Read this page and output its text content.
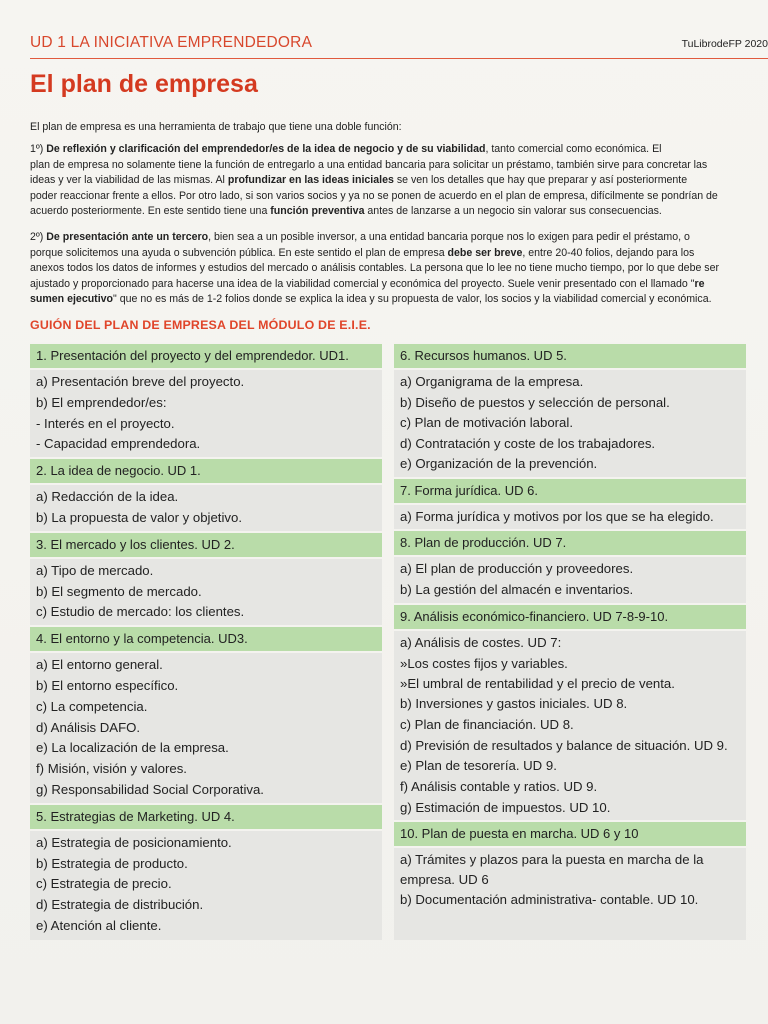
UD 1 LA INICIATIVA EMPRENDEDORA	TuLibrodeFP 2020
El plan de empresa
El plan de empresa es una herramienta de trabajo que tiene una doble función:
1º) De reflexión y clarificación del emprendedor/es de la idea de negocio y de su viabilidad, tanto comercial como económica. El
plan de empresa no solamente tiene la función de entregarlo a una entidad bancaria para solicitar un préstamo, también sirve para concretar las
ideas y ver la viabilidad de las mismas. Al profundizar en las ideas iniciales se ven los detalles que hay que preparar y así posteriormente
poder reaccionar frente a ellos. Por otro lado, si son varios socios y ya no se ponen de acuerdo en el plan de empresa, difícilmente se pondrían de
acuerdo posteriormente. En este sentido tiene una función preventiva antes de lanzarse a un negocio sin valorar sus consecuencias.
2º) De presentación ante un tercero, bien sea a un posible inversor, a una entidad bancaria porque nos lo exigen para pedir el préstamo, o
porque solicitemos una ayuda o subvención pública. En este sentido el plan de empresa debe ser breve, entre 20-40 folios, dejando para los
anexos todos los datos de informes y estudios del mercado o análisis contables. La persona que lo lee no tiene mucho tiempo, por lo que debe ser
ajustado y proporcionado para hacerse una idea de la viabilidad comercial y económica del proyecto. Suele venir presentado con el llamado "re
sumen ejecutivo" que no es más de 1-2 folios donde se explica la idea y su propuesta de valor, los socios y la viabilidad comercial y económica.
GUIÓN DEL PLAN DE EMPRESA DEL MÓDULO DE E.I.E.
1. Presentación del proyecto y del emprendedor. UD1.
a) Presentación breve del proyecto.
b) El emprendedor/es:
- Interés en el proyecto.
- Capacidad emprendedora.
2. La idea de negocio. UD 1.
a) Redacción de la idea.
b) La propuesta de valor y objetivo.
3. El mercado y los clientes. UD 2.
a) Tipo de mercado.
b) El segmento de mercado.
c) Estudio de mercado: los clientes.
4. El entorno y la competencia. UD3.
a) El entorno general.
b) El entorno específico.
c) La competencia.
d) Análisis DAFO.
e) La localización de la empresa.
f) Misión, visión y valores.
g) Responsabilidad Social Corporativa.
5. Estrategias de Marketing. UD 4.
a) Estrategia de posicionamiento.
b) Estrategia de producto.
c) Estrategia de precio.
d) Estrategia de distribución.
e) Atención al cliente.
6. Recursos humanos. UD 5.
a) Organigrama de la empresa.
b) Diseño de puestos y selección de personal.
c) Plan de motivación laboral.
d) Contratación y coste de los trabajadores.
e) Organización de la prevención.
7. Forma jurídica. UD 6.
a) Forma jurídica y motivos por los que se ha elegido.
8. Plan de producción. UD 7.
a) El plan de producción y proveedores.
b) La gestión del almacén e inventarios.
9. Análisis económico-financiero. UD 7-8-9-10.
a) Análisis de costes. UD 7:
»Los costes fijos y variables.
»El umbral de rentabilidad y el precio de venta.
b) Inversiones y gastos iniciales. UD 8.
c) Plan de financiación. UD 8.
d) Previsión de resultados y balance de situación. UD 9.
e) Plan de tesorería. UD 9.
f) Análisis contable y ratios. UD 9.
g) Estimación de impuestos. UD 10.
10. Plan de puesta en marcha. UD 6 y 10
a) Trámites y plazos para la puesta en marcha de la empresa. UD 6
b) Documentación administrativa- contable. UD 10.
